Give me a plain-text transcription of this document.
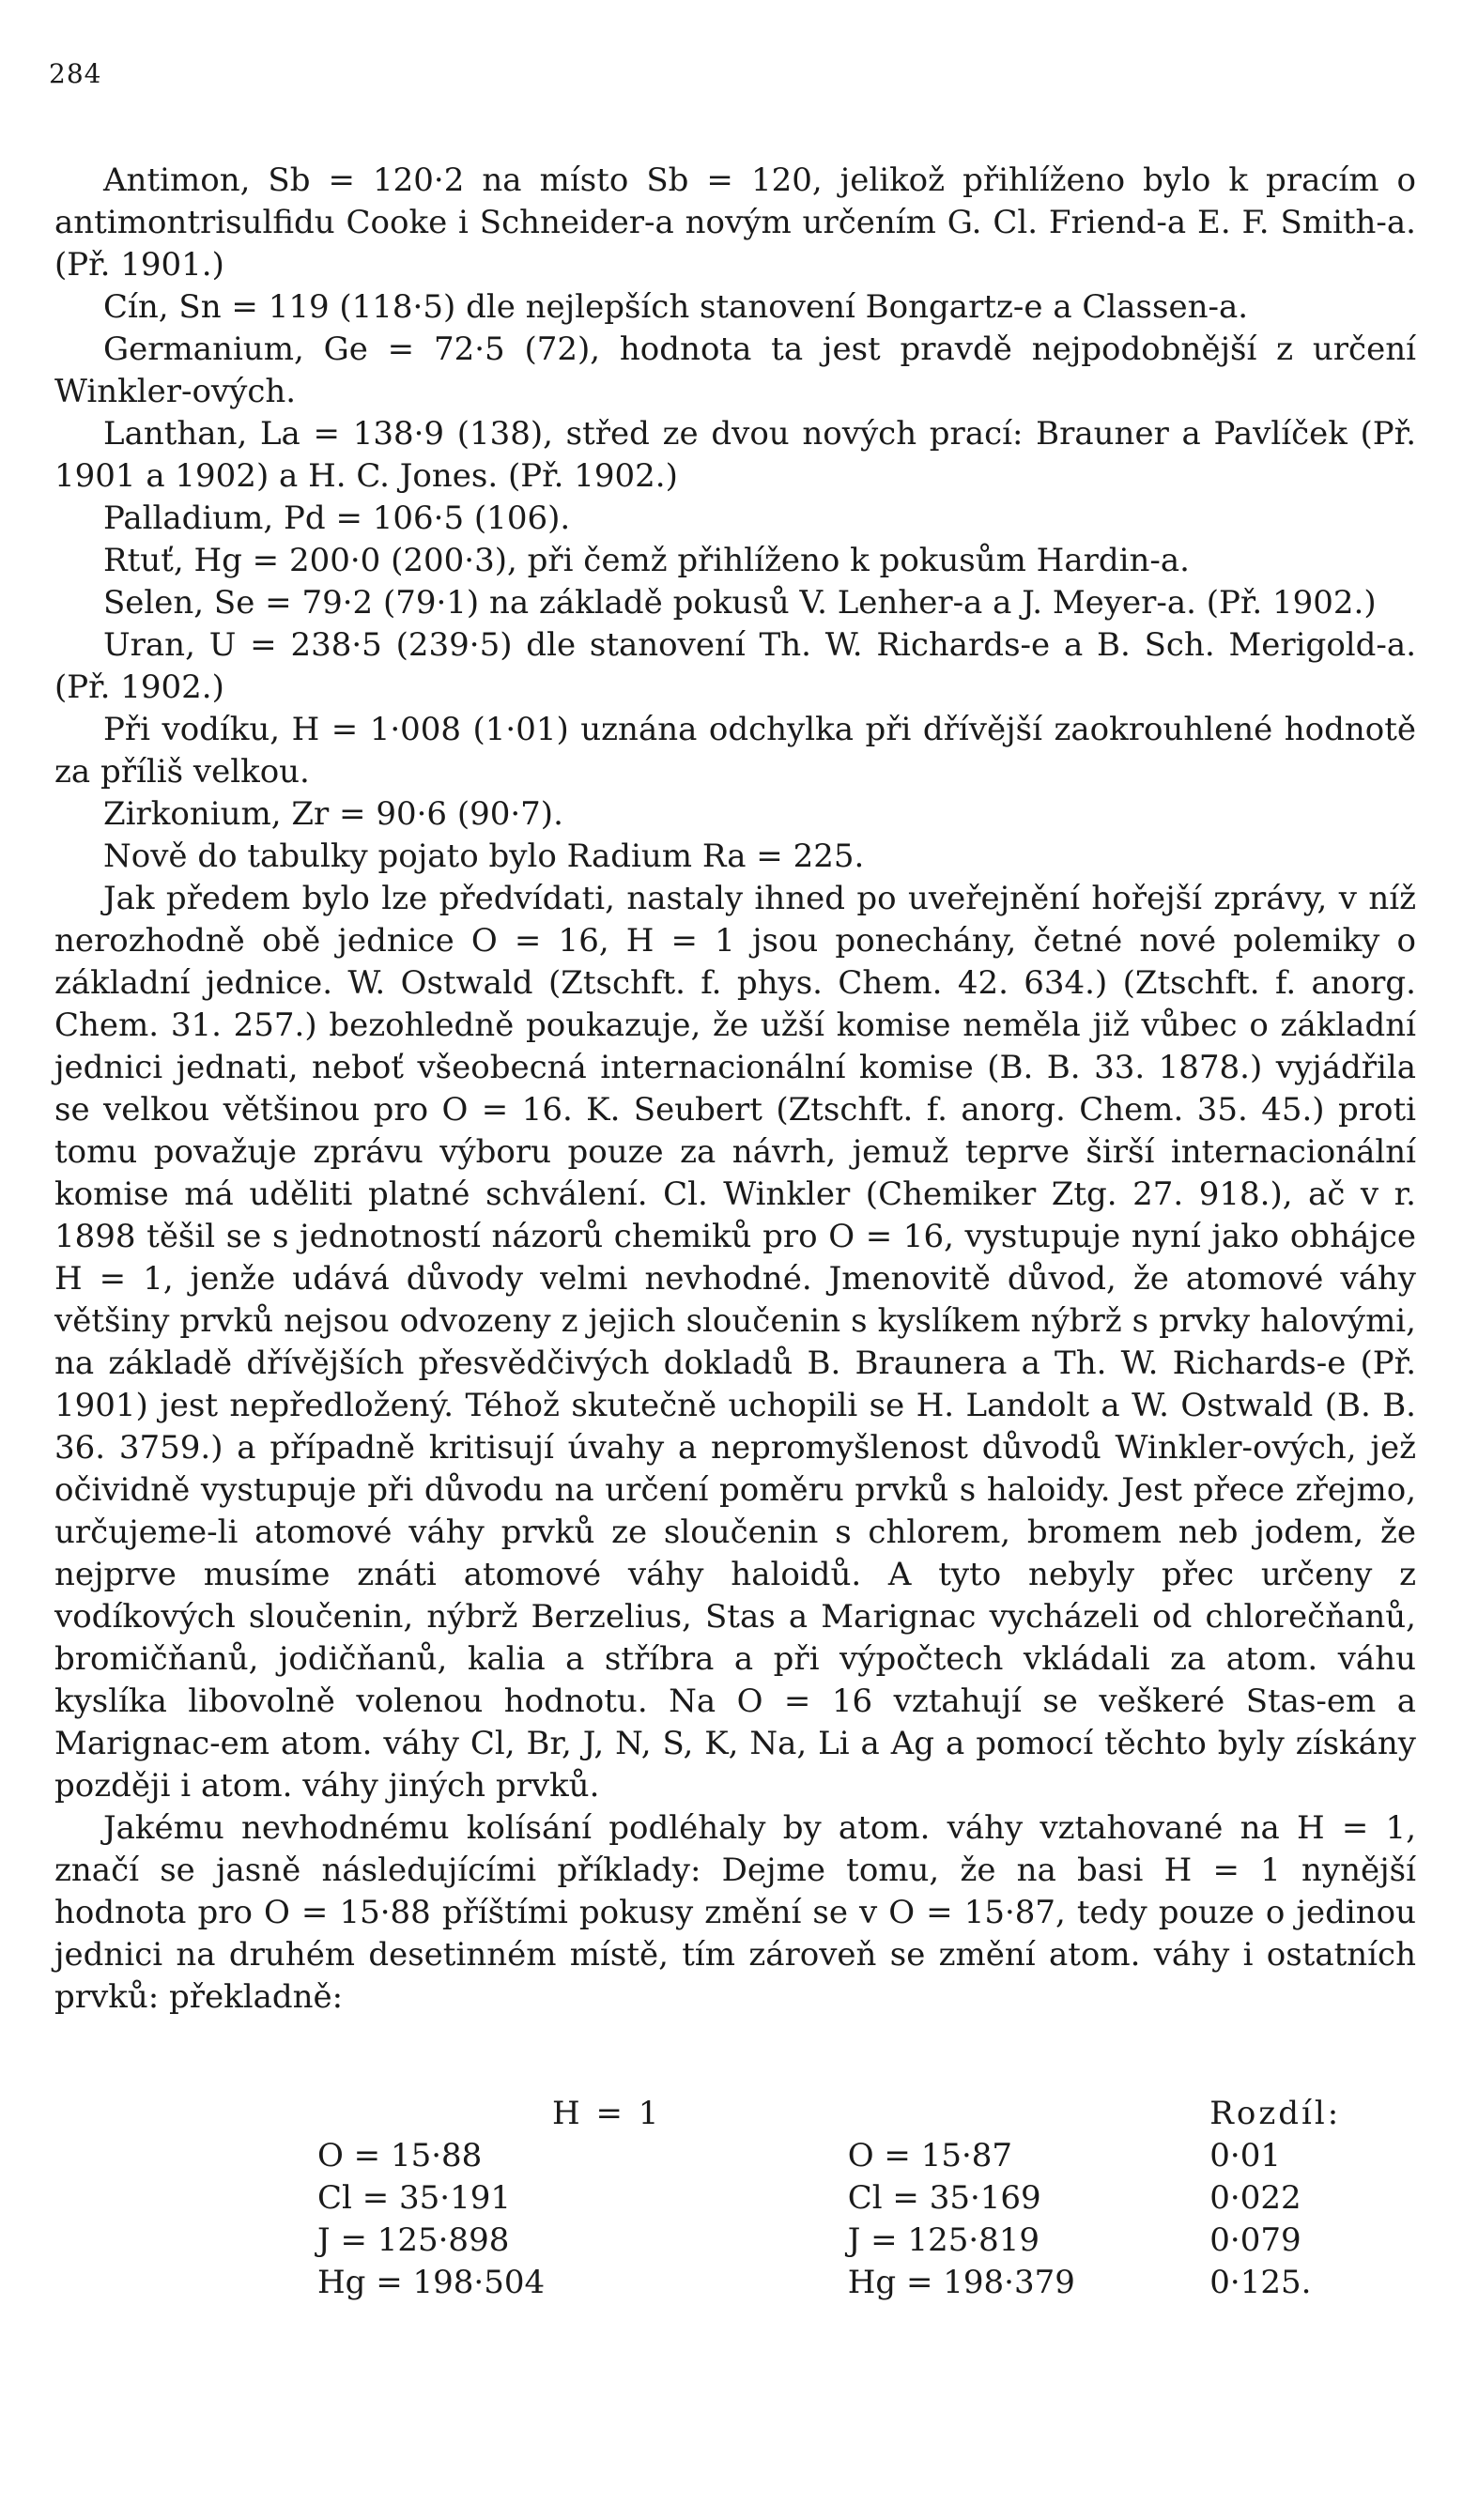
284

Antimon, Sb = 120·2 na místo Sb = 120, jelikož přihlíženo bylo k pracím o antimontrisulfidu Cooke i Schneider-a novým určením G. Cl. Friend-a E. F. Smith-a. (Př. 1901.)

Cín, Sn = 119 (118·5) dle nejlepších stanovení Bongartz-e a Classen-a.

Germanium, Ge = 72·5 (72), hodnota ta jest pravdě nejpodobnější z určení Winkler-ových.

Lanthan, La = 138·9 (138), střed ze dvou nových prací: Brauner a Pavlíček (Př. 1901 a 1902) a H. C. Jones. (Př. 1902.)

Palladium, Pd = 106·5 (106).

Rtuť, Hg = 200·0 (200·3), při čemž přihlíženo k pokusům Hardin-a.

Selen, Se = 79·2 (79·1) na základě pokusů V. Lenher-a a J. Meyer-a. (Př. 1902.)

Uran, U = 238·5 (239·5) dle stanovení Th. W. Richards-e a B. Sch. Merigold-a. (Př. 1902.)

Při vodíku, H = 1·008 (1·01) uznána odchylka při dřívější zaokrouhlené hodnotě za příliš velkou.

Zirkonium, Zr = 90·6 (90·7).

Nově do tabulky pojato bylo Radium Ra = 225.

Jak předem bylo lze předvídati, nastaly ihned po uveřejnění hořejší zprávy, v níž nerozhodně obě jednice O = 16, H = 1 jsou ponechány, četné nové polemiky o základní jednice. W. Ostwald (Ztschft. f. phys. Chem. 42. 634.) (Ztschft. f. anorg. Chem. 31. 257.) bezohledně poukazuje, že užší komise neměla již vůbec o základní jednici jednati, neboť všeobecná internacionální komise (B. B. 33. 1878.) vyjádřila se velkou většinou pro O = 16. K. Seubert (Ztschft. f. anorg. Chem. 35. 45.) proti tomu považuje zprávu výboru pouze za návrh, jemuž teprve širší internacionální komise má uděliti platné schválení. Cl. Winkler (Chemiker Ztg. 27. 918.), ač v r. 1898 těšil se s jednotností názorů chemiků pro O = 16, vystupuje nyní jako obhájce H = 1, jenže udává důvody velmi nevhodné. Jmenovitě důvod, že atomové váhy většiny prvků nejsou odvozeny z jejich sloučenin s kyslíkem nýbrž s prvky halovými, na základě dřívějších přesvědčivých dokladů B. Braunera a Th. W. Richards-e (Př. 1901) jest nepředložený. Téhož skutečně uchopili se H. Landolt a W. Ostwald (B. B. 36. 3759.) a případně kritisují úvahy a nepromyšlenost důvodů Winkler-ových, jež očividně vystupuje při důvodu na určení poměru prvků s haloidy. Jest přece zřejmo, určujeme-li atomové váhy prvků ze sloučenin s chlorem, bromem neb jodem, že nejprve musíme znáti atomové váhy haloidů. A tyto nebyly přec určeny z vodíkových sloučenin, nýbrž Berzelius, Stas a Marignac vycházeli od chlorečňanů, bromičňanů, jodičňanů, kalia a stříbra a při výpočtech vkládali za atom. váhu kyslíka libovolně volenou hodnotu. Na O = 16 vztahují se veškeré Stas-em a Marignac-em atom. váhy Cl, Br, J, N, S, K, Na, Li a Ag a pomocí těchto byly získány později i atom. váhy jiných prvků.

Jakému nevhodnému kolísání podléhaly by atom. váhy vztahované na H = 1, značí se jasně následujícími příklady: Dejme tomu, že na basi H = 1 nynější hodnota pro O = 15·88 příštími pokusy změní se v O = 15·87, tedy pouze o jedinou jednici na druhém desetinném místě, tím zároveň se změní atom. váhy i ostatních prvků: překladně:

H = 1		Rozdíl:
O = 15·88	O = 15·87	0·01
Cl = 35·191	Cl = 35·169	0·022
J = 125·898	J = 125·819	0·079
Hg = 198·504	Hg = 198·379	0·125.
